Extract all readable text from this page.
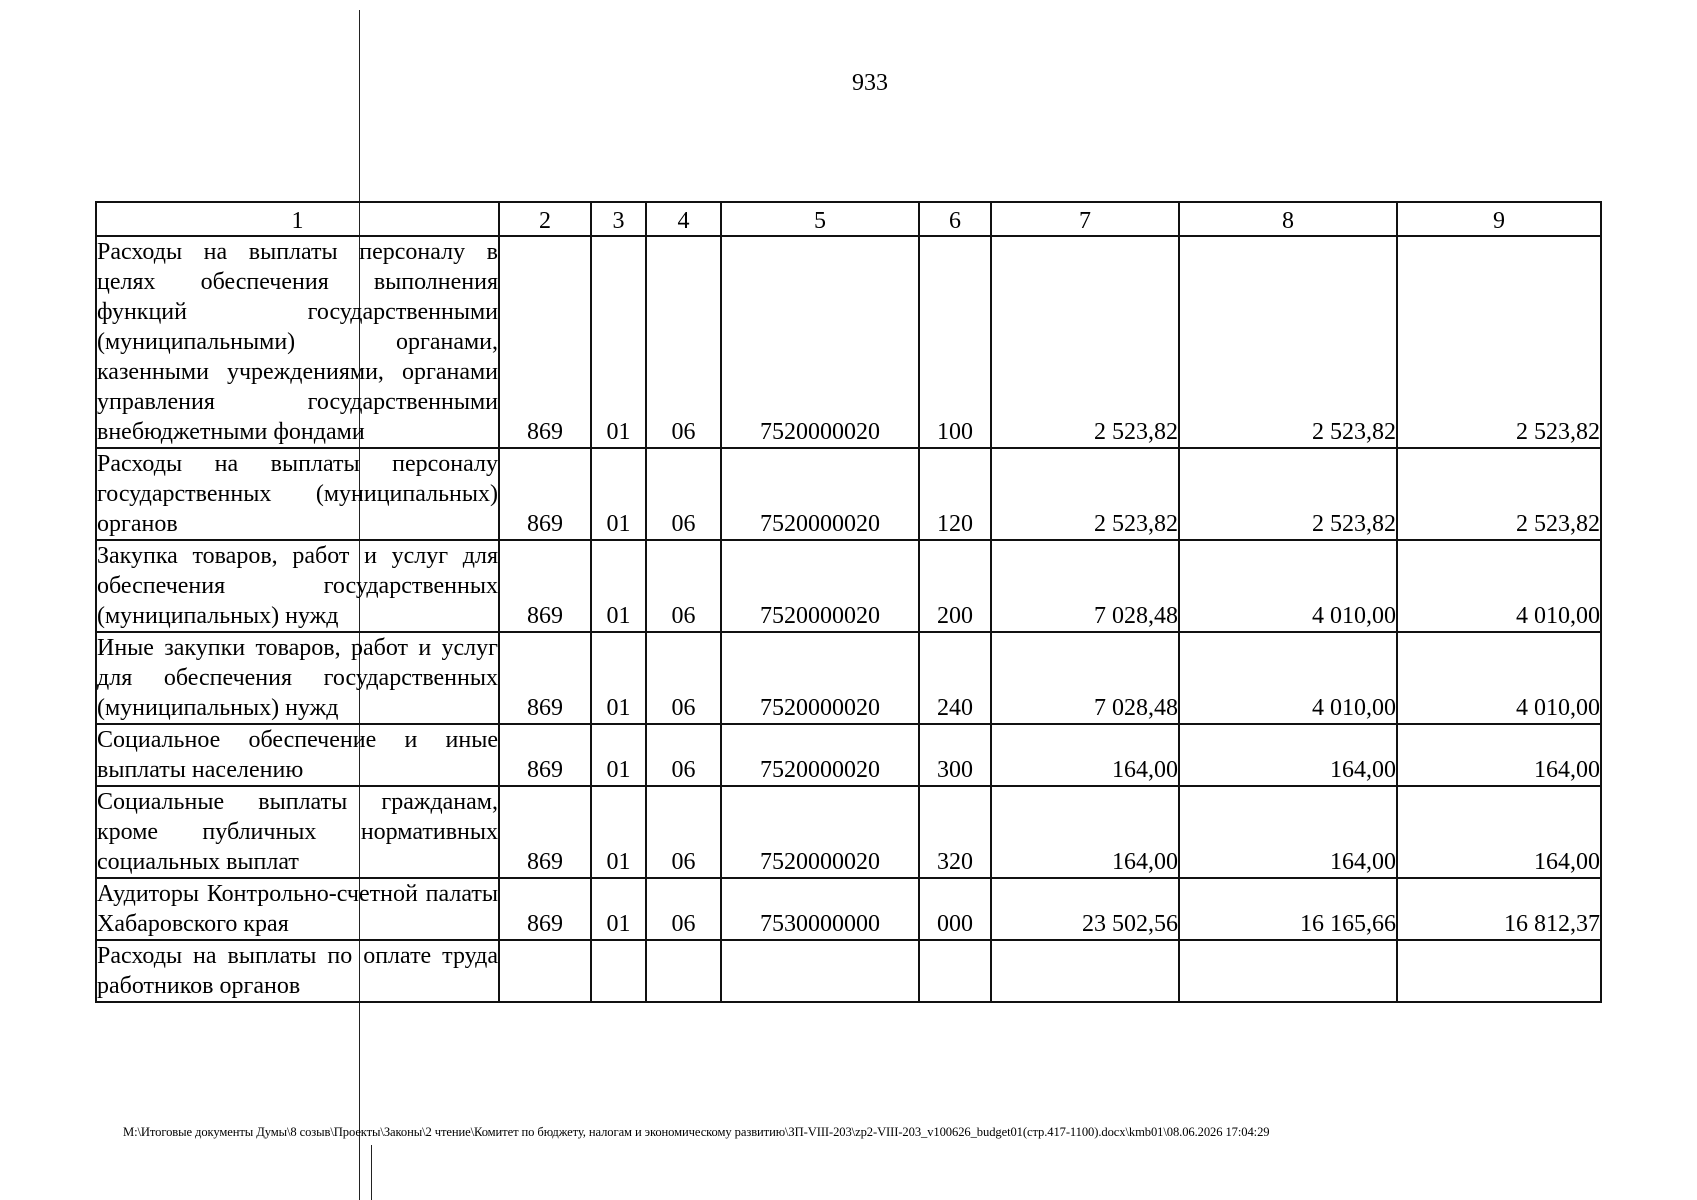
933
1	2	3	4	5	6	7	8	9

Расходы на выплаты персоналу в целях обеспечения выполнения функций государственными (муниципальными) органами, казенными учреждениями, органами управления государственными внебюджетными фондами	869	01	06	7520000020	100	2 523,82	2 523,82	2 523,82

Расходы на выплаты персоналу государственных (муниципальных) органов	869	01	06	7520000020	120	2 523,82	2 523,82	2 523,82

Закупка товаров, работ и услуг для обеспечения государственных (муниципальных) нужд	869	01	06	7520000020	200	7 028,48	4 010,00	4 010,00

Иные закупки товаров, работ и услуг для обеспечения государственных (муниципальных) нужд	869	01	06	7520000020	240	7 028,48	4 010,00	4 010,00

Социальное обеспечение и иные выплаты населению	869	01	06	7520000020	300	164,00	164,00	164,00

Социальные выплаты гражданам, кроме публичных нормативных социальных выплат	869	01	06	7520000020	320	164,00	164,00	164,00

Аудиторы Контрольно-счетной палаты Хабаровского края	869	01	06	7530000000	000	23 502,56	16 165,66	16 812,37

Расходы на выплаты по оплате труда работников органов								

M:\Итоговые документы Думы\8 созыв\Проекты\Законы\2 чтение\Комитет по бюджету, налогам и экономическому развитию\ЗП-VIII-203\zp2-VIII-203_v100626_budget01(стр.417-1100).docx\kmb01\08.06.2026 17:04:29
